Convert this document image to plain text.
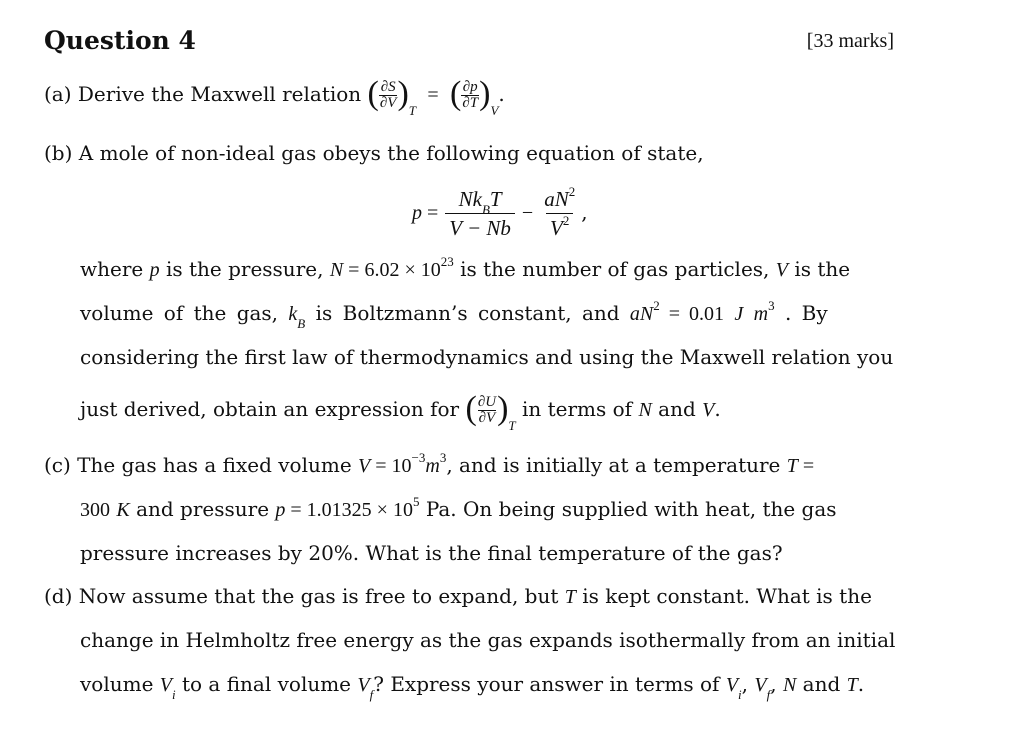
Question 4	[33 marks]
(a) Derive the Maxwell relation ( $\frac{\partial S}{\partial V} )_T$  =  ( $\frac{\partial p}{\partial T} )_V$.
(b) A mole of non-ideal gas obeys the following equation of state,
$p = \frac{Nk_BT}{V - Nb} - \frac{aN^2}{V^2}$ ,
where p is the pressure, $N = 6.02 \times 10^{23}$ is the number of gas particles, V is the
volume of the gas, $k_B$ is Boltzmann’s constant, and $aN^2 = 0.01$ J $m^3$ . By
considering the first law of thermodynamics and using the Maxwell relation you
just derived, obtain an expression for ( $\frac{\partial U}{\partial V} )_T$ in terms of N and V.
(c) The gas has a fixed volume $V = 10^{-3}m^3$, and is initially at a temperature T =
300 K and pressure $p = 1.01325 \times 10^5$ Pa. On being supplied with heat, the gas
pressure increases by 20%. What is the final temperature of the gas?
(d) Now assume that the gas is free to expand, but T is kept constant. What is the
change in Helmholtz free energy as the gas expands isothermally from an initial
volume $V_i$ to a final volume $V_f$? Express your answer in terms of $V_i$, $V_f$, N and T.
